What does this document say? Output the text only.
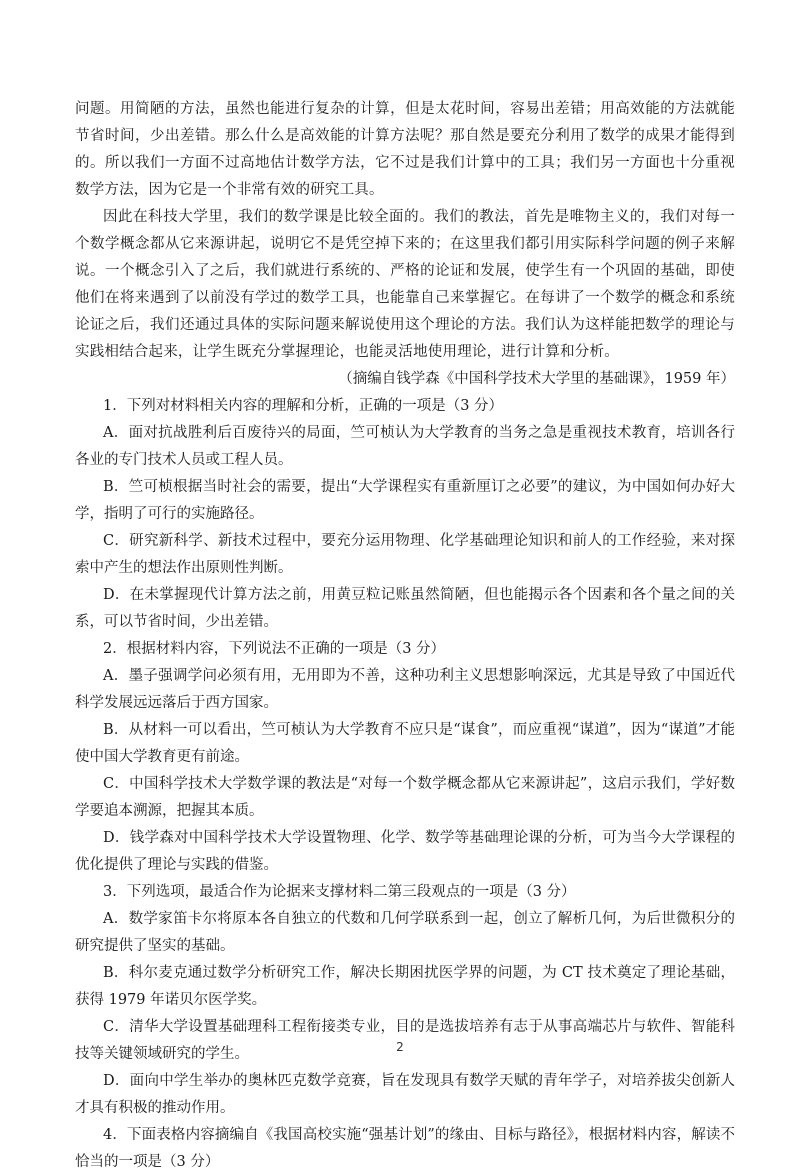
问题。用简陋的方法，虽然也能进行复杂的计算，但是太花时间，容易出差错；用高效能的方法就能节省时间，少出差错。那么什么是高效能的计算方法呢？那自然是要充分利用了数学的成果才能得到的。所以我们一方面不过高地估计数学方法，它不过是我们计算中的工具；我们另一方面也十分重视数学方法，因为它是一个非常有效的研究工具。

因此在科技大学里，我们的数学课是比较全面的。我们的教法，首先是唯物主义的，我们对每一个数学概念都从它来源讲起，说明它不是凭空掉下来的；在这里我们都引用实际科学问题的例子来解说。一个概念引入了之后，我们就进行系统的、严格的论证和发展，使学生有一个巩固的基础，即使他们在将来遇到了以前没有学过的数学工具，也能靠自己来掌握它。在每讲了一个数学的概念和系统论证之后，我们还通过具体的实际问题来解说使用这个理论的方法。我们认为这样能把数学的理论与实践相结合起来，让学生既充分掌握理论，也能灵活地使用理论，进行计算和分析。

（摘编自钱学森《中国科学技术大学里的基础课》，1959 年）

1．下列对材料相关内容的理解和分析，正确的一项是（3 分）

A．面对抗战胜利后百废待兴的局面，竺可桢认为大学教育的当务之急是重视技术教育，培训各行各业的专门技术人员或工程人员。

B．竺可桢根据当时社会的需要，提出“大学课程实有重新厘订之必要”的建议，为中国如何办好大学，指明了可行的实施路径。

C．研究新科学、新技术过程中，要充分运用物理、化学基础理论知识和前人的工作经验，来对探索中产生的想法作出原则性判断。

D．在未掌握现代计算方法之前，用黄豆粒记账虽然简陋，但也能揭示各个因素和各个量之间的关系，可以节省时间，少出差错。

2．根据材料内容，下列说法不正确的一项是（3 分）

A．墨子强调学问必须有用，无用即为不善，这种功利主义思想影响深远，尤其是导致了中国近代科学发展远远落后于西方国家。

B．从材料一可以看出，竺可桢认为大学教育不应只是“谋食”，而应重视“谋道”，因为“谋道”才能使中国大学教育更有前途。

C．中国科学技术大学数学课的教法是“对每一个数学概念都从它来源讲起”，这启示我们，学好数学要追本溯源，把握其本质。

D．钱学森对中国科学技术大学设置物理、化学、数学等基础理论课的分析，可为当今大学课程的优化提供了理论与实践的借鉴。

3．下列选项，最适合作为论据来支撑材料二第三段观点的一项是（3 分）

A．数学家笛卡尔将原本各自独立的代数和几何学联系到一起，创立了解析几何，为后世微积分的研究提供了坚实的基础。

B．科尔麦克通过数学分析研究工作，解决长期困扰医学界的问题，为 CT 技术奠定了理论基础，获得 1979 年诺贝尔医学奖。

C．清华大学设置基础理科工程衔接类专业，目的是选拔培养有志于从事高端芯片与软件、智能科技等关键领域研究的学生。

D．面向中学生举办的奥林匹克数学竞赛，旨在发现具有数学天赋的青年学子，对培养拔尖创新人才具有积极的推动作用。

4．下面表格内容摘编自《我国高校实施“强基计划”的缘由、目标与路径》，根据材料内容，解读不恰当的一项是（3 分）

2
